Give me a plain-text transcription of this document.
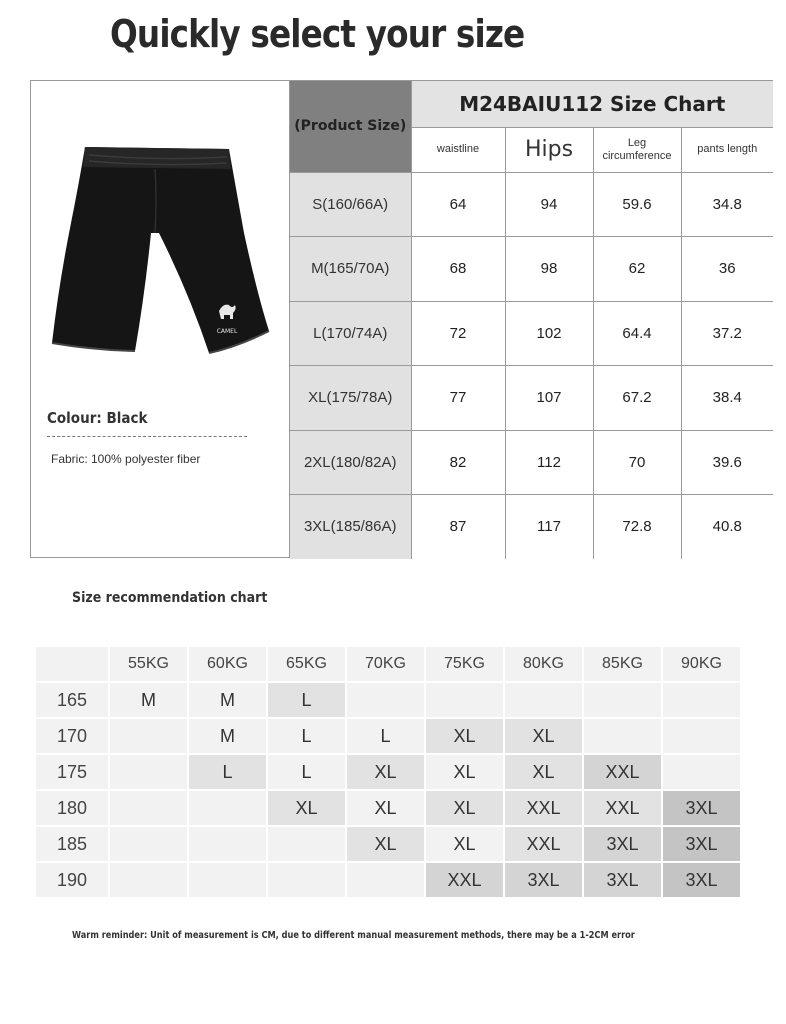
Quickly select your size
CAMEL
Colour: Black
Fabric: 100% polyester fiber
(Product Size)	M24BAIU112 Size Chart			
	waistline	Hips	Leg circumference	pants length
S(160/66A)	64	94	59.6	34.8
M(165/70A)	68	98	62	36
L(170/74A)	72	102	64.4	37.2
XL(175/78A)	77	107	67.2	38.4
2XL(180/82A)	82	112	70	39.6
3XL(185/86A)	87	117	72.8	40.8
Size recommendation chart
	55KG	60KG	65KG	70KG	75KG	80KG	85KG	90KG
165	M	M	L					
170		M	L	L	XL	XL		
175		L	L	XL	XL	XL	XXL	
180			XL	XL	XL	XXL	XXL	3XL
185				XL	XL	XXL	3XL	3XL
190					XXL	3XL	3XL	3XL
Warm reminder: Unit of measurement is CM, due to different manual measurement methods, there may be a 1-2CM error
